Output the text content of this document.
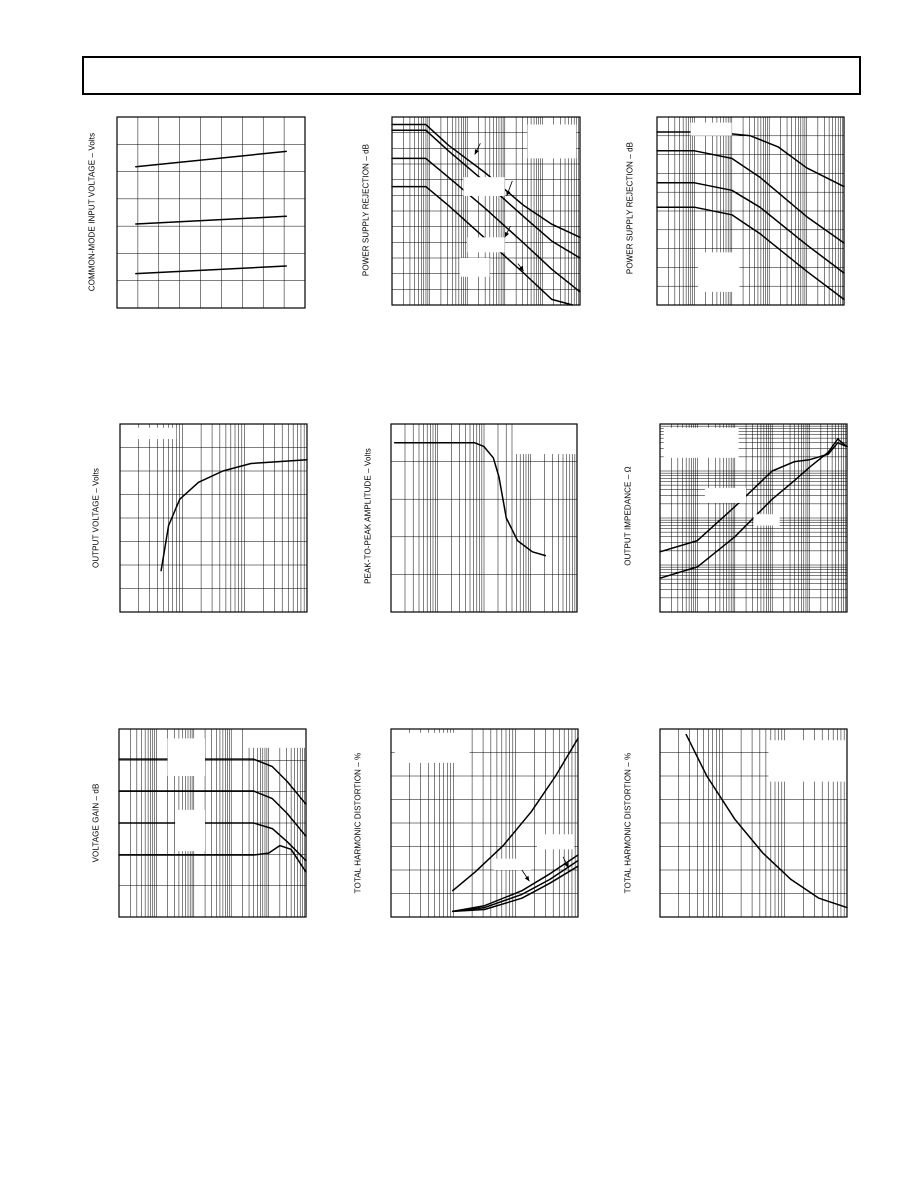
COMMON-MODE INPUT VOLTAGE – Volts	POWER SUPPLY REJECTION – dB	POWER SUPPLY REJECTION – dB
OUTPUT VOLTAGE – Volts	PEAK-TO-PEAK AMPLITUDE – Volts	OUTPUT IMPEDANCE – Ω
VOLTAGE GAIN – dB	TOTAL HARMONIC DISTORTION – %	TOTAL HARMONIC DISTORTION – %
